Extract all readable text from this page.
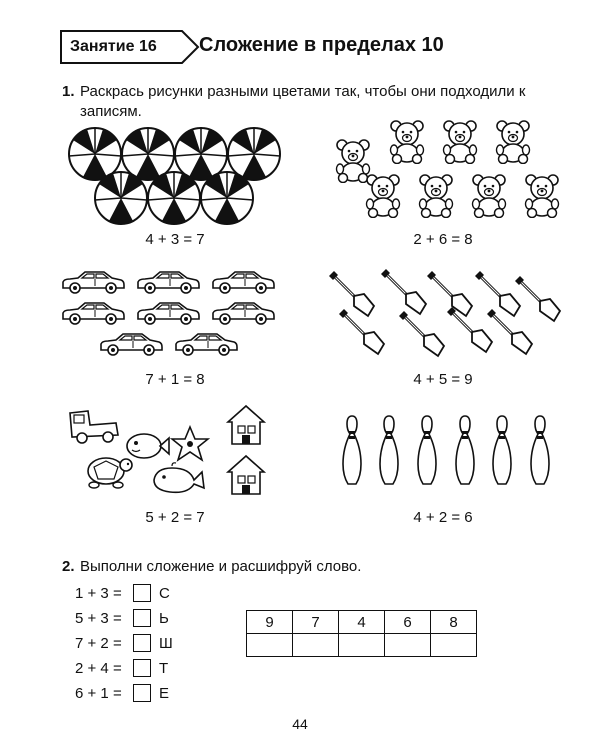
Занятие 16 Сложение в пределах 10
1. Раскрась рисунки разными цветами так, чтобы они подходили к записям.
4 + 3 = 7	2 + 6 = 8
7 + 1 = 8	4 + 5 = 9
5 + 2 = 7	4 + 2 = 6
2. Выполни сложение и расшифруй слово.
1 + 3 =	С
5 + 3 =	Ь
7 + 2 =	Ш
2 + 4 =	Т
6 + 1 =	Е
9	7	4	6	8

44
